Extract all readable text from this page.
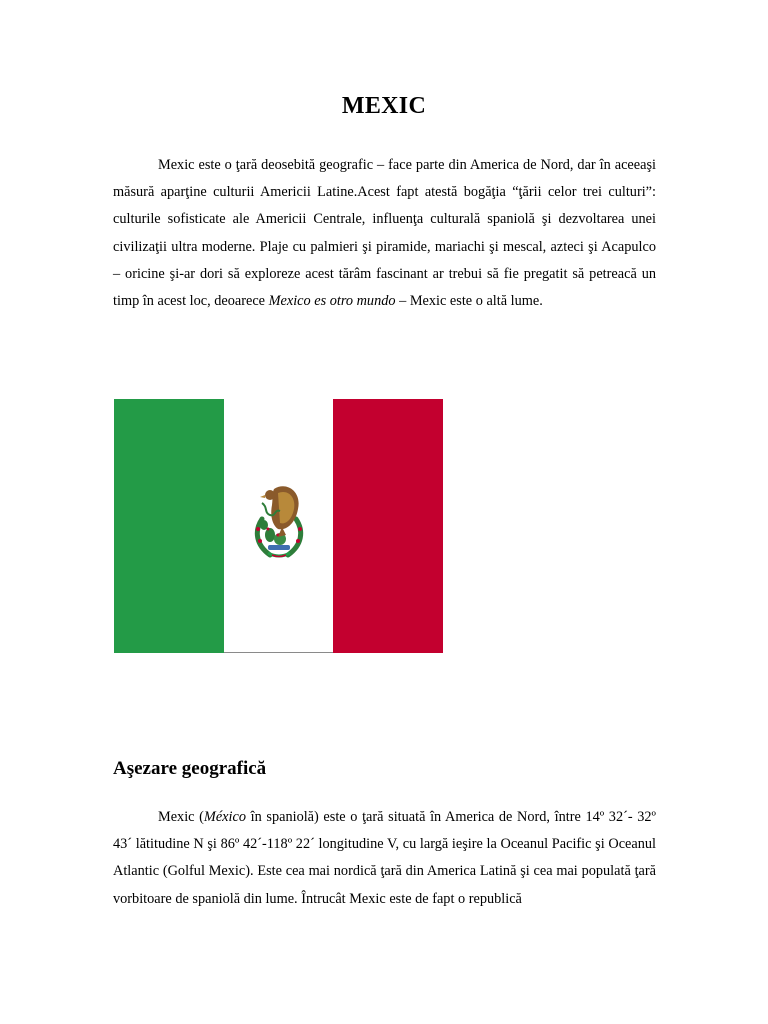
MEXIC

Mexic este o ţară deosebită geografic – face parte din America de Nord, dar în aceeaşi măsură aparţine culturii Americii Latine.Acest fapt atestă bogăţia “ţării celor trei culturi”: culturile sofisticate ale Americii Centrale, influenţa culturală spaniolă şi dezvoltarea unei civilizaţii ultra moderne. Plaje cu palmieri şi piramide, mariachi şi mescal, azteci şi Acapulco – oricine şi-ar dori să exploreze acest tărâm fascinant ar trebui să fie pregatit să petreacă un timp în acest loc, deoarece Mexico es otro mundo – Mexic este o altă lume.

Aşezare geografică

Mexic (México în spaniolă) este o ţară situată în America de Nord, între 14º 32´- 32º 43´ lătitudine N şi 86º 42´-118º 22´ longitudine V, cu largă ieşire la Oceanul Pacific şi Oceanul Atlantic (Golful Mexic). Este cea mai nordică ţară din America Latină şi cea mai populată ţară vorbitoare de spaniolă din lume. Întrucât Mexic este de fapt o republică
